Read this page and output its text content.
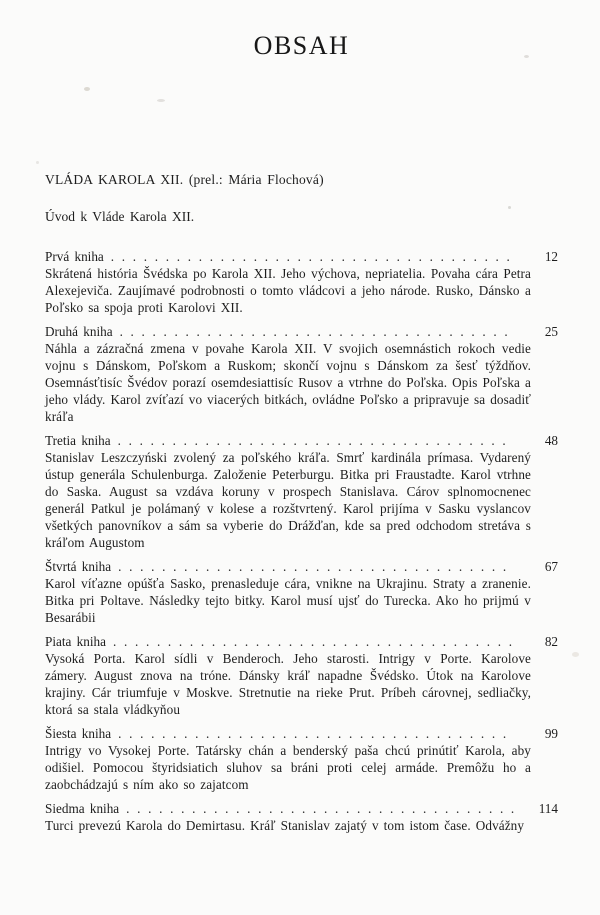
OBSAH

VLÁDA KAROLA XII. (prel.: Mária Flochová)

Úvod k Vláde Karola XII.

Prvá kniha . . .	12

Skrátená história Švédska po Karola XII. Jeho výchova, nepriatelia. Povaha cára Petra Alexejeviča. Zaujímavé podrobnosti o tomto vládcovi a jeho národe. Rusko, Dánsko a Poľsko sa spoja proti Karolovi XII.

Druhá kniha . . .	25

Náhla a zázračná zmena v povahe Karola XII. V svojich osemnástich rokoch vedie vojnu s Dánskom, Poľskom a Ruskom; skončí vojnu s Dánskom za šesť týždňov. Osemnásťtisíc Švédov porazí osemdesiattisíc Rusov a vtrhne do Poľska. Opis Poľska a jeho vlády. Karol zvíťazí vo viacerých bitkách, ovládne Poľsko a pripravuje sa dosadiť kráľa

Tretia kniha . . .	48

Stanislav Leszczyński zvolený za poľského kráľa. Smrť kardinála prímasa. Vydarený ústup generála Schulenburga. Založenie Peterburgu. Bitka pri Fraustadte. Karol vtrhne do Saska. August sa vzdáva koruny v prospech Stanislava. Cárov splnomocnenec generál Patkul je polámaný v kolese a rozštvrtený. Karol prijíma v Sasku vyslancov všetkých panovníkov a sám sa vyberie do Drážďan, kde sa pred odchodom stretáva s kráľom Augustom

Štvrtá kniha . . .	67

Karol víťazne opúšťa Sasko, prenasleduje cára, vnikne na Ukrajinu. Straty a zranenie. Bitka pri Poltave. Následky tejto bitky. Karol musí ujsť do Turecka. Ako ho prijmú v Besarábii

Piata kniha . . .	82

Vysoká Porta. Karol sídli v Benderoch. Jeho starosti. Intrigy v Porte. Karolove zámery. August znova na tróne. Dánsky kráľ napadne Švédsko. Útok na Karolove krajiny. Cár triumfuje v Moskve. Stretnutie na rieke Prut. Príbeh cárovnej, sedliačky, ktorá sa stala vládkyňou

Šiesta kniha . . .	99

Intrigy vo Vysokej Porte. Tatársky chán a benderský paša chcú prinútiť Karola, aby odišiel. Pomocou štyridsiatich sluhov sa bráni proti celej armáde. Premôžu ho a zaobchádzajú s ním ako so zajatcom

Siedma kniha . . .	114

Turci prevezú Karola do Demirtasu. Kráľ Stanislav zajatý v tom istom čase. Odvážny
